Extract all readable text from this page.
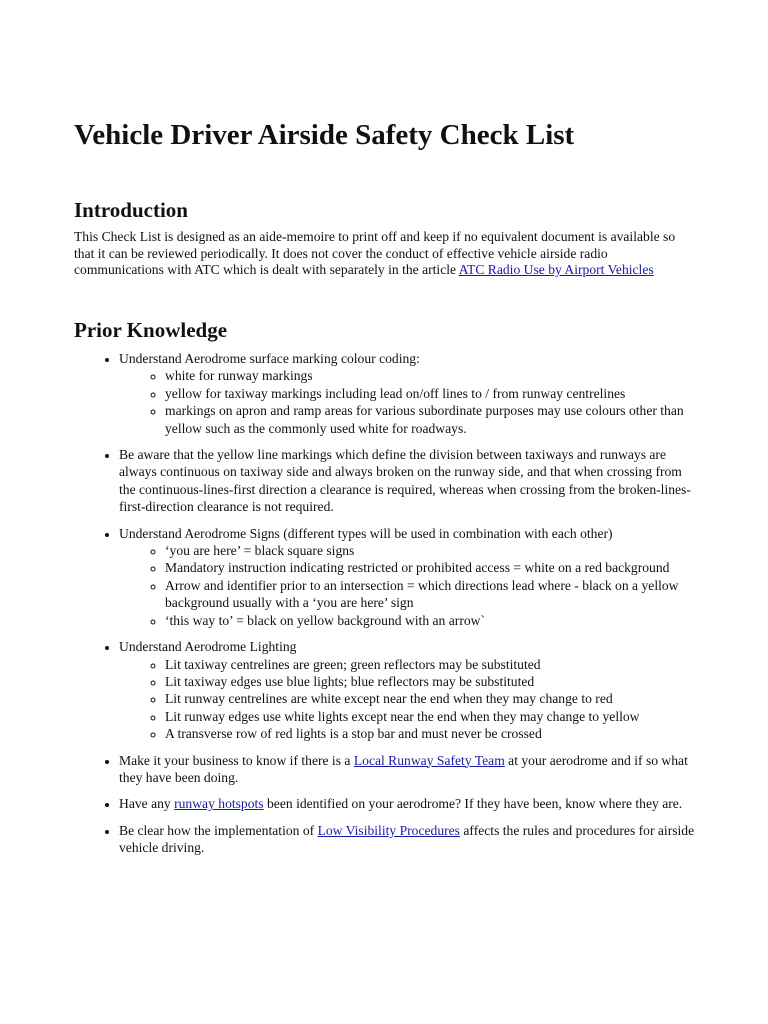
Vehicle Driver Airside Safety Check List
Introduction

This Check List is designed as an aide-memoire to print off and keep if no equivalent document is available so that it can be reviewed periodically. It does not cover the conduct of effective vehicle airside radio communications with ATC which is dealt with separately in the article ATC Radio Use by Airport Vehicles

Prior Knowledge
• Understand Aerodrome surface marking colour coding:
◦ white for runway markings
◦ yellow for taxiway markings including lead on/off lines to / from runway centrelines
◦ markings on apron and ramp areas for various subordinate purposes may use colours other than yellow such as the commonly used white for roadways.
• Be aware that the yellow line markings which define the division between taxiways and runways are always continuous on taxiway side and always broken on the runway side, and that when crossing from the continuous-lines-first direction a clearance is required, whereas when crossing from the broken-lines-first-direction clearance is not required.
• Understand Aerodrome Signs (different types will be used in combination with each other)
◦ ‘you are here’ = black square signs
◦ Mandatory instruction indicating restricted or prohibited access = white on a red background
◦ Arrow and identifier prior to an intersection = which directions lead where - black on a yellow background usually with a ‘you are here’ sign
◦ ‘this way to’ = black on yellow background with an arrow`
• Understand Aerodrome Lighting
◦ Lit taxiway centrelines are green; green reflectors may be substituted
◦ Lit taxiway edges use blue lights; blue reflectors may be substituted
◦ Lit runway centrelines are white except near the end when they may change to red
◦ Lit runway edges use white lights except near the end when they may change to yellow
◦ A transverse row of red lights is a stop bar and must never be crossed
• Make it your business to know if there is a Local Runway Safety Team at your aerodrome and if so what they have been doing.
• Have any runway hotspots been identified on your aerodrome? If they have been, know where they are.
• Be clear how the implementation of Low Visibility Procedures affects the rules and procedures for airside vehicle driving.
